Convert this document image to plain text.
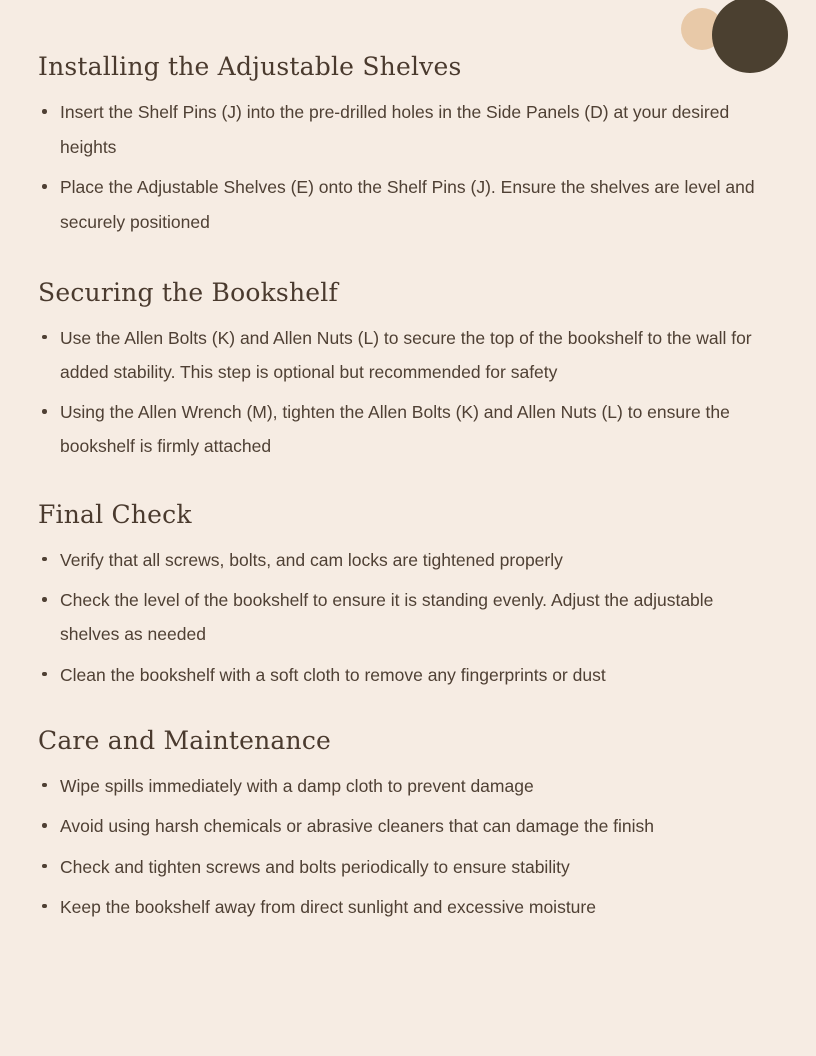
Installing the Adjustable Shelves
Insert the Shelf Pins (J) into the pre-drilled holes in the Side Panels (D) at your desired heights
Place the Adjustable Shelves (E) onto the Shelf Pins (J). Ensure the shelves are level and securely positioned
Securing the Bookshelf
Use the Allen Bolts (K) and Allen Nuts (L) to secure the top of the bookshelf to the wall for added stability. This step is optional but recommended for safety
Using the Allen Wrench (M), tighten the Allen Bolts (K) and Allen Nuts (L) to ensure the bookshelf is firmly attached
Final Check
Verify that all screws, bolts, and cam locks are tightened properly
Check the level of the bookshelf to ensure it is standing evenly. Adjust the adjustable shelves as needed
Clean the bookshelf with a soft cloth to remove any fingerprints or dust
Care and Maintenance
Wipe spills immediately with a damp cloth to prevent damage
Avoid using harsh chemicals or abrasive cleaners that can damage the finish
Check and tighten screws and bolts periodically to ensure stability
Keep the bookshelf away from direct sunlight and excessive moisture
